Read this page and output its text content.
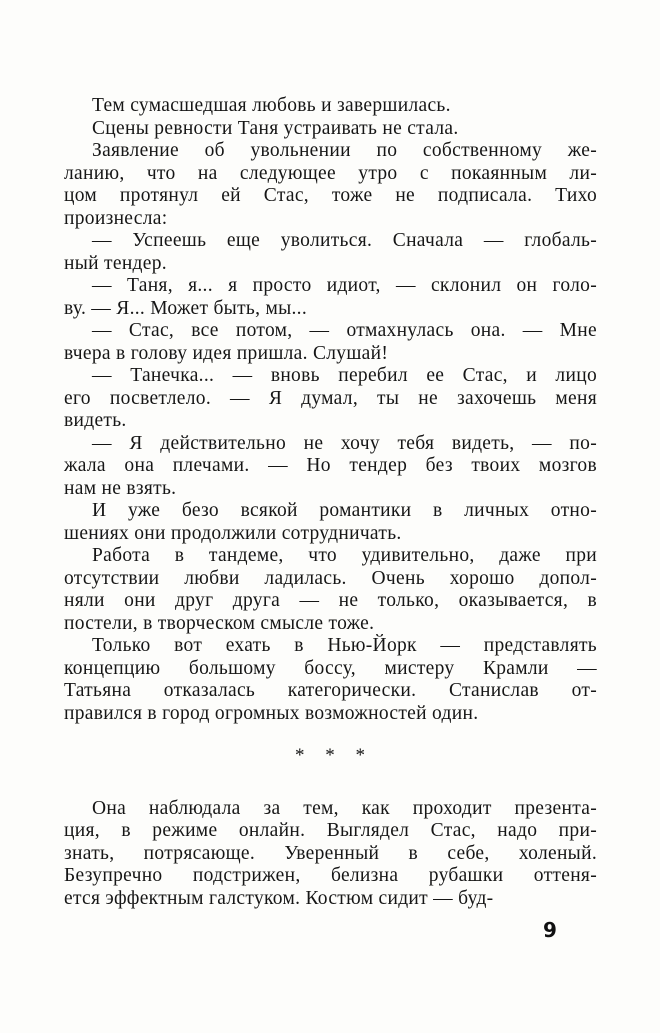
Тем сумасшедшая любовь и завершилась.
Сцены ревности Таня устраивать не стала.
Заявление об увольнении по собственному же-
ланию, что на следующее утро с покаянным ли-
цом протянул ей Стас, тоже не подписала. Тихо
произнесла:
— Успеешь еще уволиться. Сначала — глобаль-
ный тендер.
— Таня, я... я просто идиот, — склонил он голо-
ву. — Я... Может быть, мы...
— Стас, все потом, — отмахнулась она. — Мне
вчера в голову идея пришла. Слушай!
— Танечка... — вновь перебил ее Стас, и лицо
его посветлело. — Я думал, ты не захочешь меня
видеть.
— Я действительно не хочу тебя видеть, — по-
жала она плечами. — Но тендер без твоих мозгов
нам не взять.
И уже безо всякой романтики в личных отно-
шениях они продолжили сотрудничать.
Работа в тандеме, что удивительно, даже при
отсутствии любви ладилась. Очень хорошо допол-
няли они друг друга — не только, оказывается, в
постели, в творческом смысле тоже.
Только вот ехать в Нью-Йорк — представлять
концепцию большому боссу, мистеру Крамли —
Татьяна отказалась категорически. Станислав от-
правился в город огромных возможностей один.
* * *
Она наблюдала за тем, как проходит презента-
ция, в режиме онлайн. Выглядел Стас, надо при-
знать, потрясающе. Уверенный в себе, холеный.
Безупречно подстрижен, белизна рубашки оттеня-
ется эффектным галстуком. Костюм сидит — буд-
9
